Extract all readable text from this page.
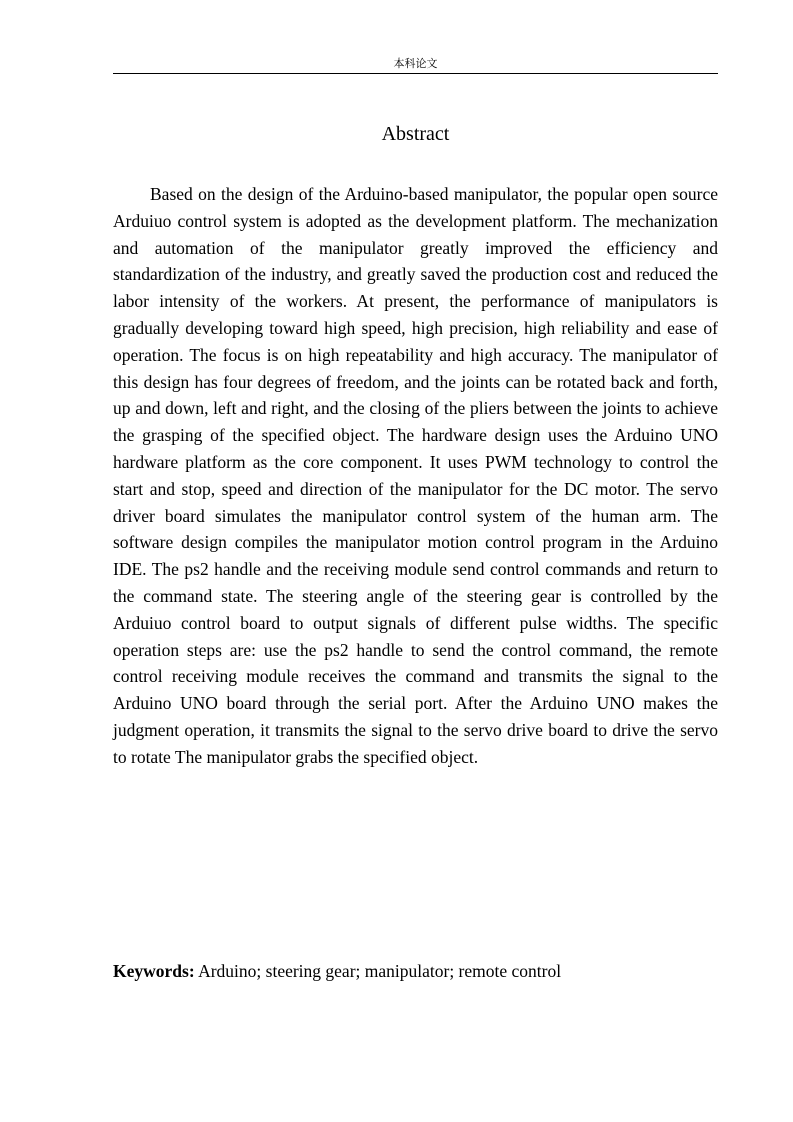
本科论文
Abstract

Based on the design of the Arduino-based manipulator, the popular open source Arduiuo control system is adopted as the development platform. The mechanization and automation of the manipulator greatly improved the efficiency and standardization of the industry, and greatly saved the production cost and reduced the labor intensity of the workers. At present, the performance of manipulators is gradually developing toward high speed, high precision, high reliability and ease of operation. The focus is on high repeatability and high accuracy. The manipulator of this design has four degrees of freedom, and the joints can be rotated back and forth, up and down, left and right, and the closing of the pliers between the joints to achieve the grasping of the specified object. The hardware design uses the Arduino UNO hardware platform as the core component. It uses PWM technology to control the start and stop, speed and direction of the manipulator for the DC motor. The servo driver board simulates the manipulator control system of the human arm. The software design compiles the manipulator motion control program in the Arduino IDE. The ps2 handle and the receiving module send control commands and return to the command state. The steering angle of the steering gear is controlled by the Arduiuo control board to output signals of different pulse widths. The specific operation steps are: use the ps2 handle to send the control command, the remote control receiving module receives the command and transmits the signal to the Arduino UNO board through the serial port. After the Arduino UNO makes the judgment operation, it transmits the signal to the servo drive board to drive the servo to rotate The manipulator grabs the specified object.

Keywords: Arduino; steering gear; manipulator; remote control
